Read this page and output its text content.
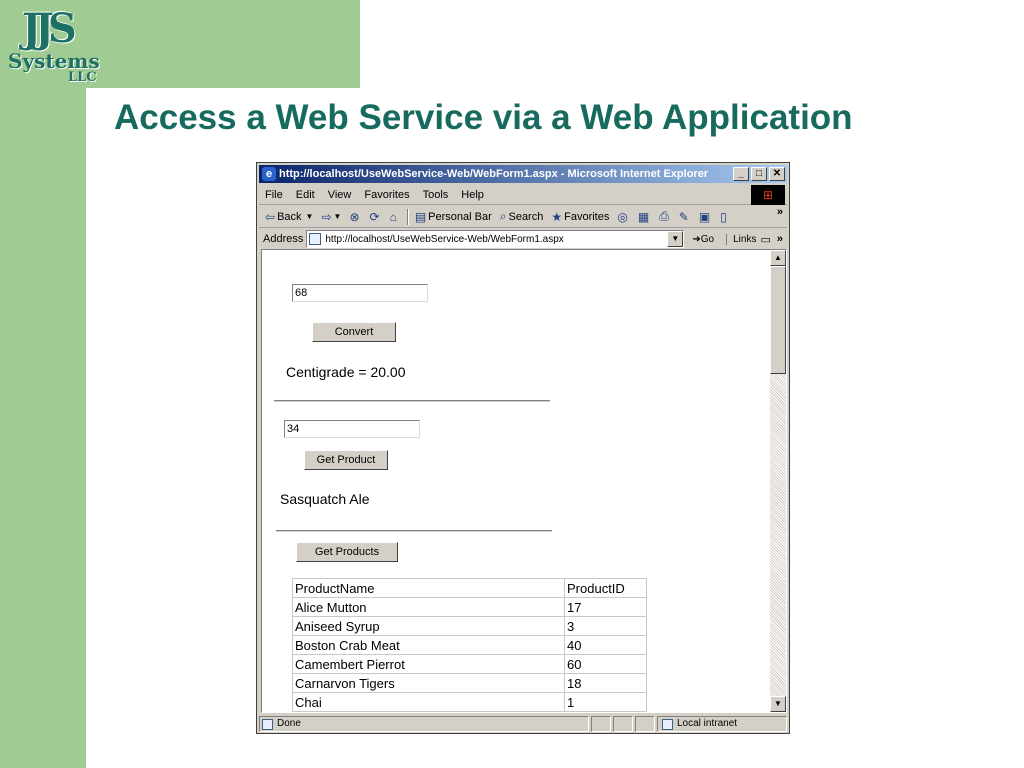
JJS
Systems
LLC
Access a Web Service via a Web Application
e http://localhost/UseWebService-Web/WebForm1.aspx - Microsoft Internet Explorer	_	□	✕
File Edit View Favorites Tools Help	⊞
⇦ Back ▼ ⇨ ▼ ⊗ ⟳ ⌂ ▤ Personal Bar ⌕ Search ★ Favorites ◎ ▦ ⎙ ✎ ▣ ▯	»
Address http://localhost/UseWebService-Web/WebForm1.aspx	▼	➜Go	Links ▭ »
68
Convert
Centigrade = 20.00
34
Get Product
Sasquatch Ale
Get Products
ProductName	ProductID
Alice Mutton	17
Aniseed Syrup	3
Boston Crab Meat	40
Camembert Pierrot	60
Carnarvon Tigers	18
Chai	1
▲
▼
Done	Local intranet
